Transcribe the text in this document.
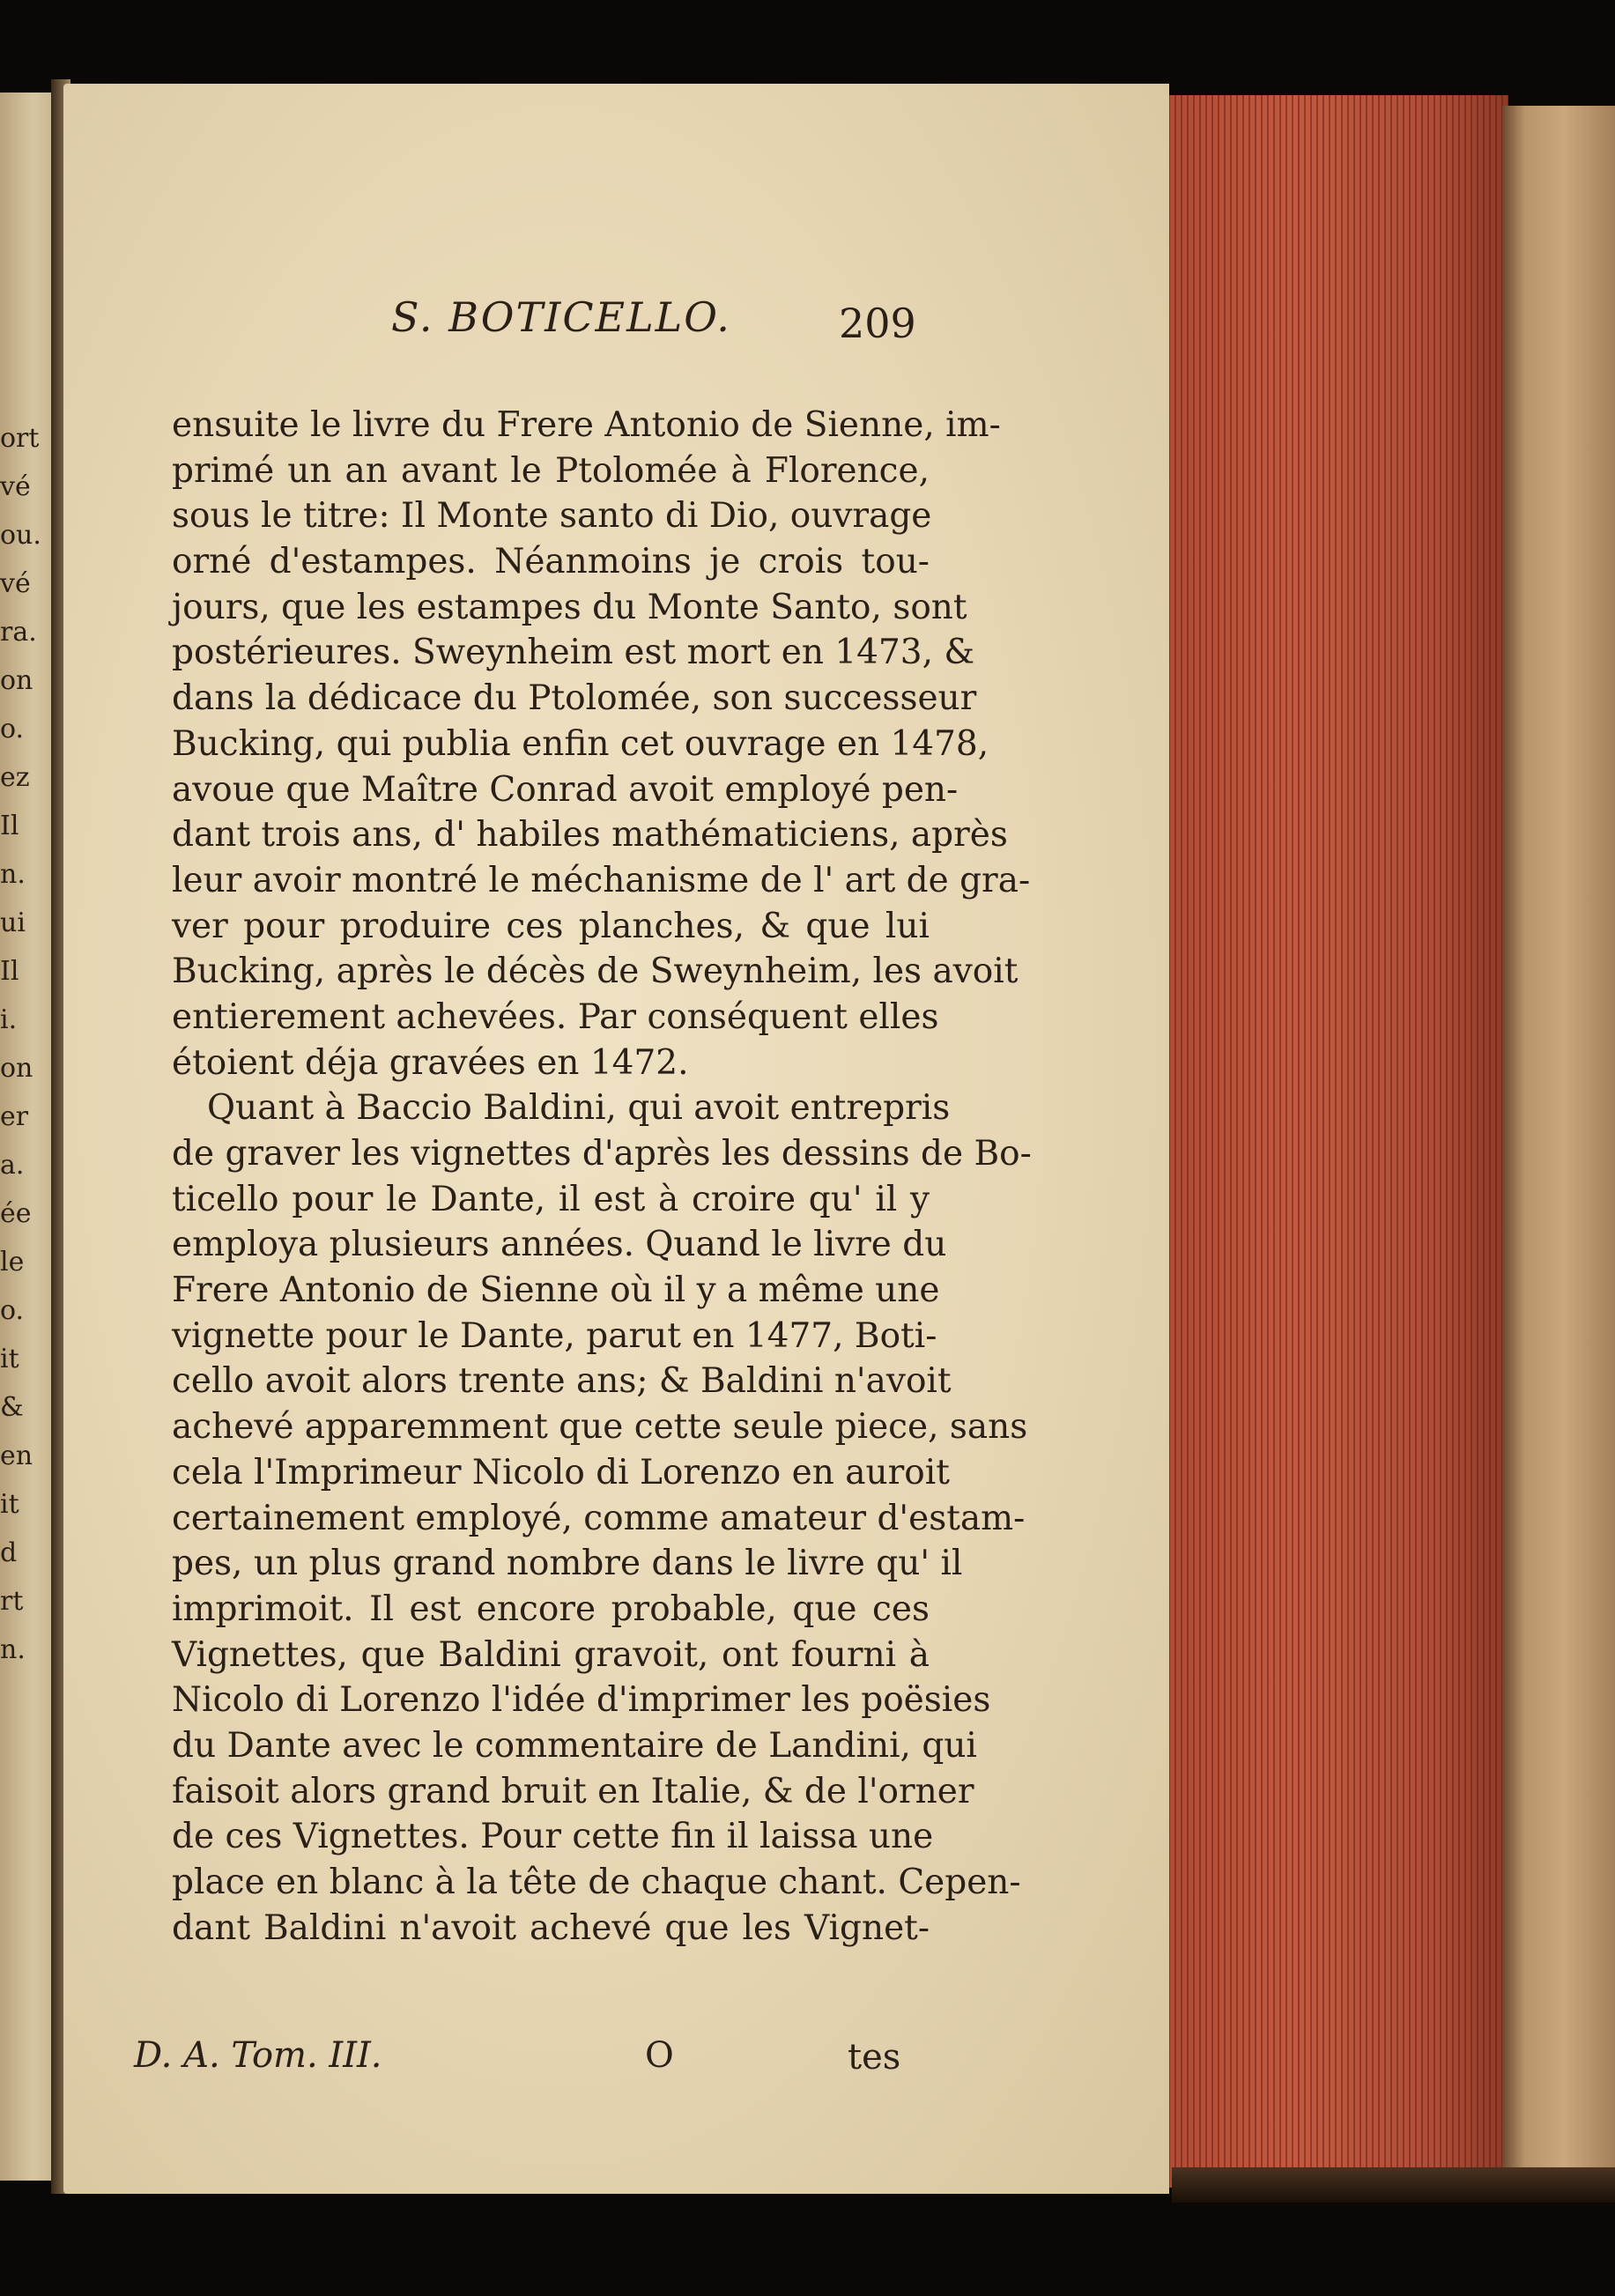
ort
vé
ou.
vé
ra.
on
o.
ez
Il
n.
ui
Il
i.
on
er
a.
ée
le
o.
it
&
en
it
d
rt
n.
S. BOTICELLO.	209
ensuite le livre du Frere Antonio de Sienne, im-
primé un an avant le Ptolomée à Florence,
sous le titre: Il Monte santo di Dio, ouvrage
orné d'estampes. Néanmoins je crois tou-
jours, que les estampes du Monte Santo, sont
postérieures. Sweynheim est mort en 1473, &
dans la dédicace du Ptolomée, son successeur
Bucking, qui publia enfin cet ouvrage en 1478,
avoue que Maître Conrad avoit employé pen-
dant trois ans, d' habiles mathématiciens, après
leur avoir montré le méchanisme de l' art de gra-
ver pour produire ces planches, & que lui
Bucking, après le décès de Sweynheim, les avoit
entierement achevées. Par conséquent elles
étoient déja gravées en 1472.
Quant à Baccio Baldini, qui avoit entrepris
de graver les vignettes d'après les dessins de Bo-
ticello pour le Dante, il est à croire qu' il y
employa plusieurs années. Quand le livre du
Frere Antonio de Sienne où il y a même une
vignette pour le Dante, parut en 1477, Boti-
cello avoit alors trente ans; & Baldini n'avoit
achevé apparemment que cette seule piece, sans
cela l'Imprimeur Nicolo di Lorenzo en auroit
certainement employé, comme amateur d'estam-
pes, un plus grand nombre dans le livre qu' il
imprimoit. Il est encore probable, que ces
Vignettes, que Baldini gravoit, ont fourni à
Nicolo di Lorenzo l'idée d'imprimer les poësies
du Dante avec le commentaire de Landini, qui
faisoit alors grand bruit en Italie, & de l'orner
de ces Vignettes. Pour cette fin il laissa une
place en blanc à la tête de chaque chant. Cepen-
dant Baldini n'avoit achevé que les Vignet-
D. A. Tom. III.	O	tes
